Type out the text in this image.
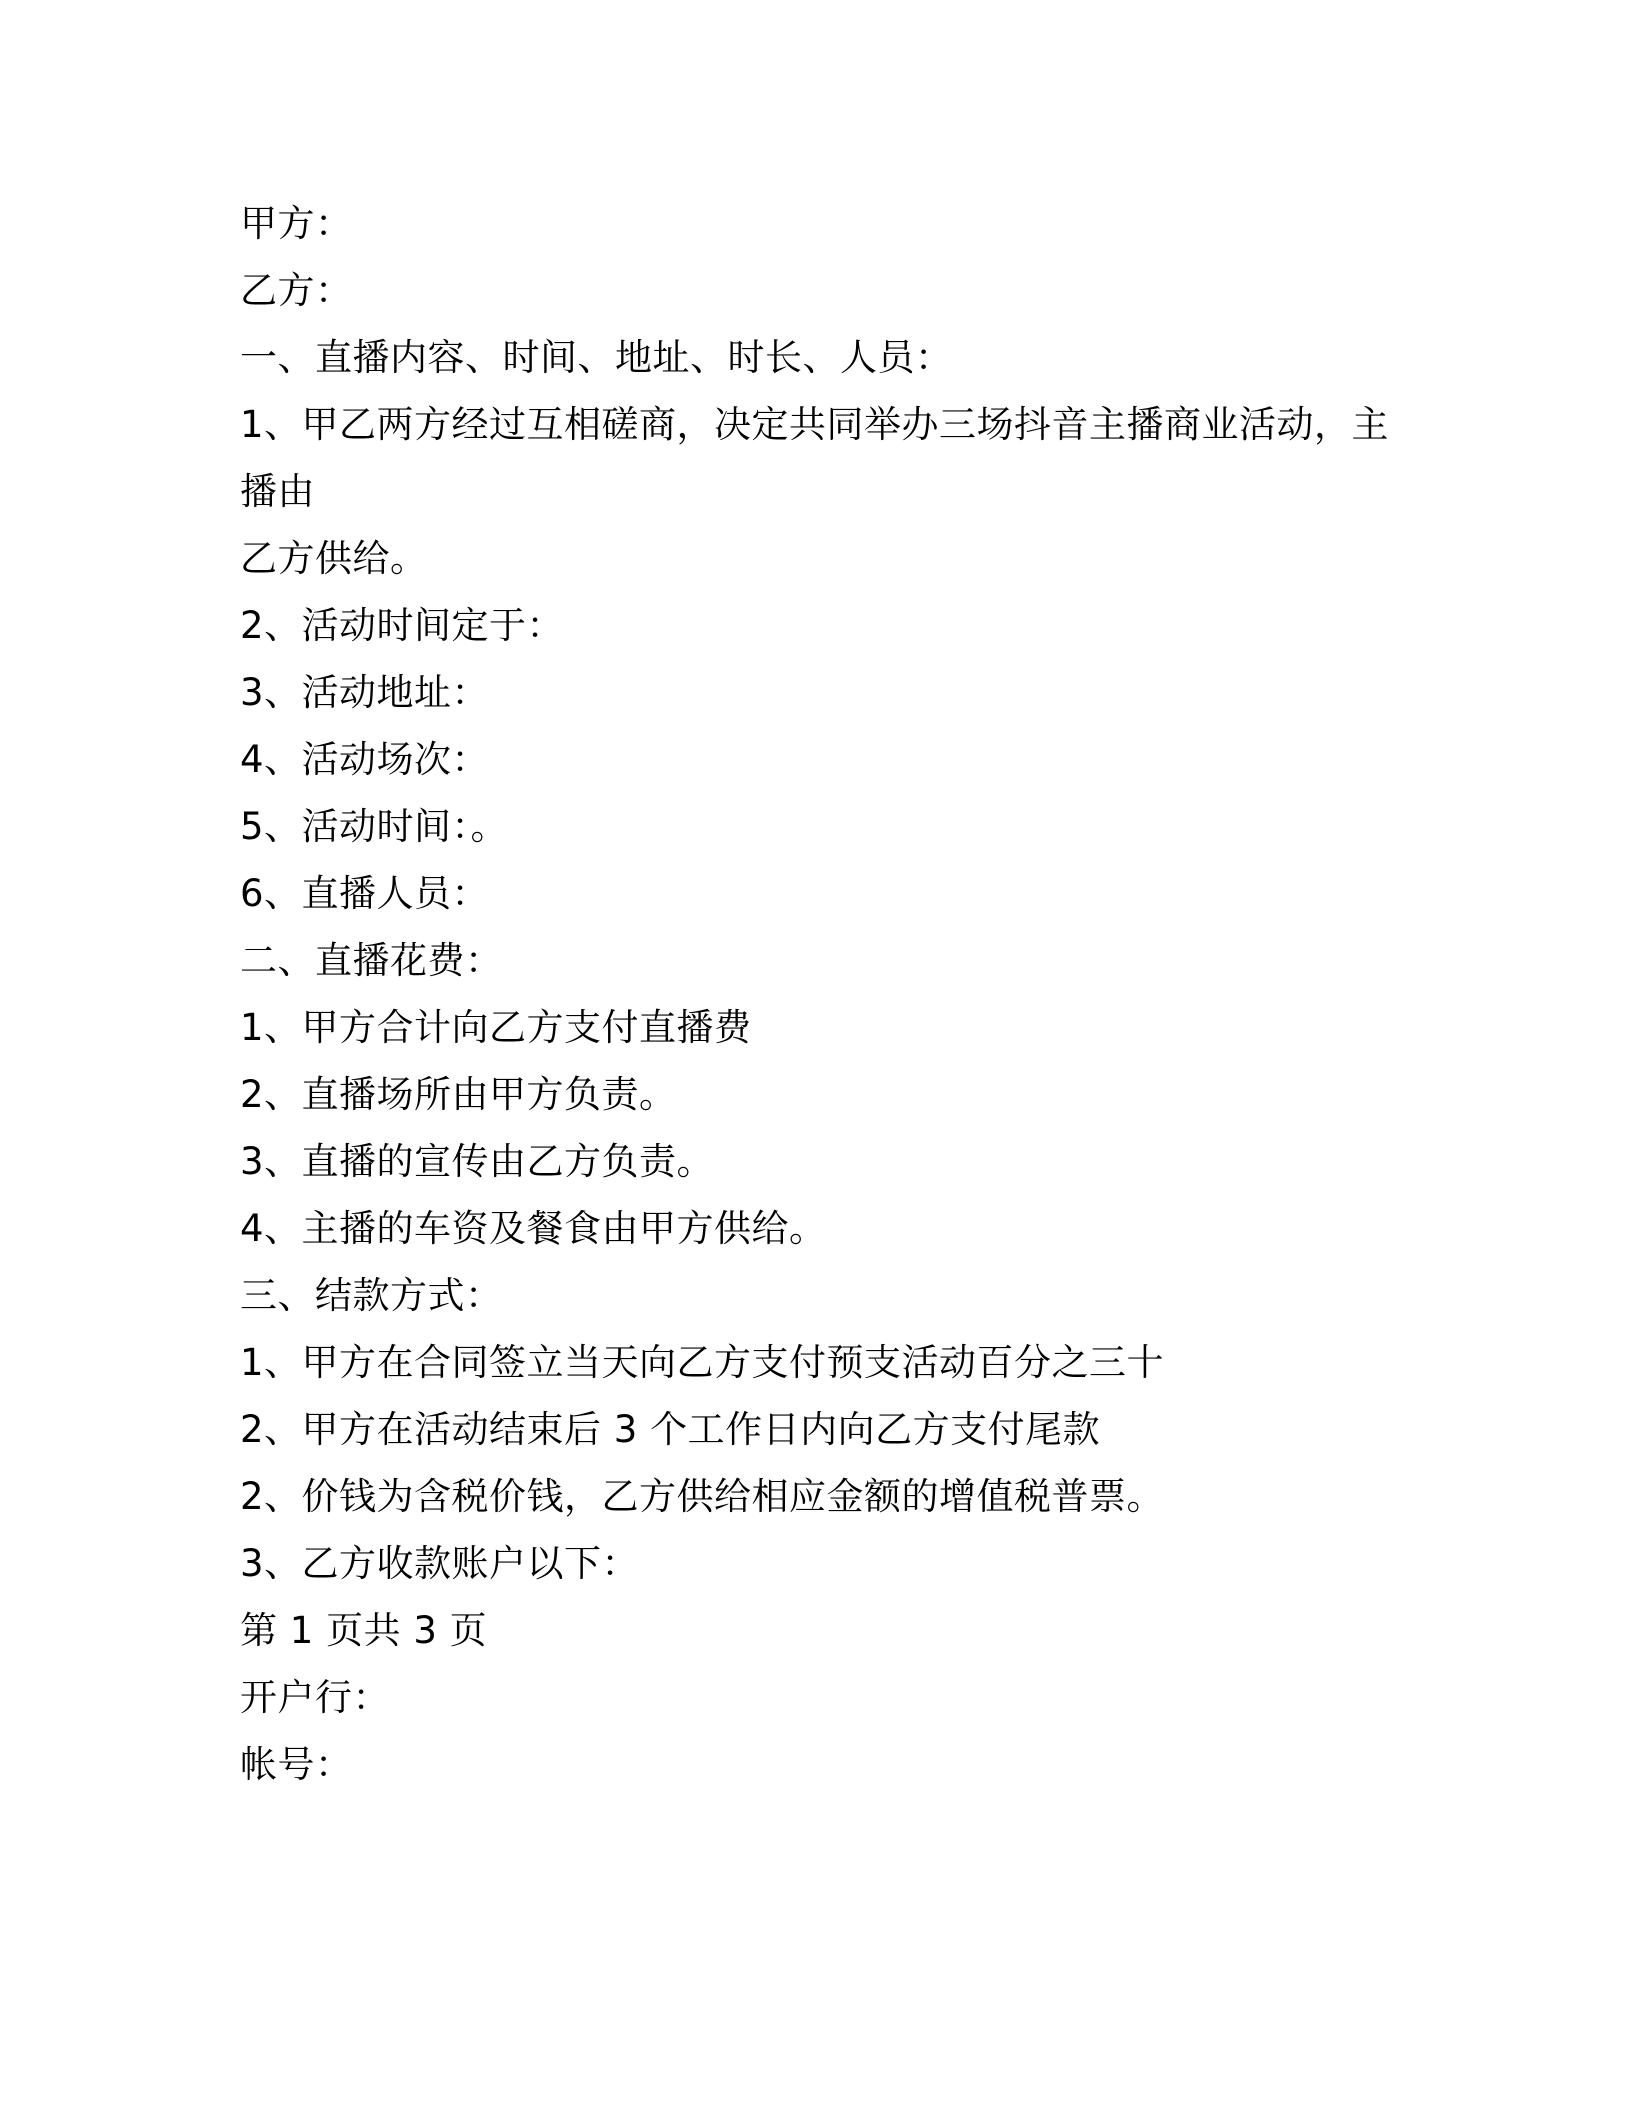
甲方：
乙方：
一、直播内容、时间、地址、时长、人员：
1、甲乙两方经过互相磋商，决定共同举办三场抖音主播商业活动，主
播由
乙方供给。
2、活动时间定于：
3、活动地址：
4、活动场次：
5、活动时间：。
6、直播人员：
二、直播花费：
1、甲方合计向乙方支付直播费
2、直播场所由甲方负责。
3、直播的宣传由乙方负责。
4、主播的车资及餐食由甲方供给。
三、结款方式：
1、甲方在合同签立当天向乙方支付预支活动百分之三十
2、甲方在活动结束后 3 个工作日内向乙方支付尾款
2、价钱为含税价钱，乙方供给相应金额的增值税普票。
3、乙方收款账户以下：
第 1 页共 3 页
开户行：
帐号：
